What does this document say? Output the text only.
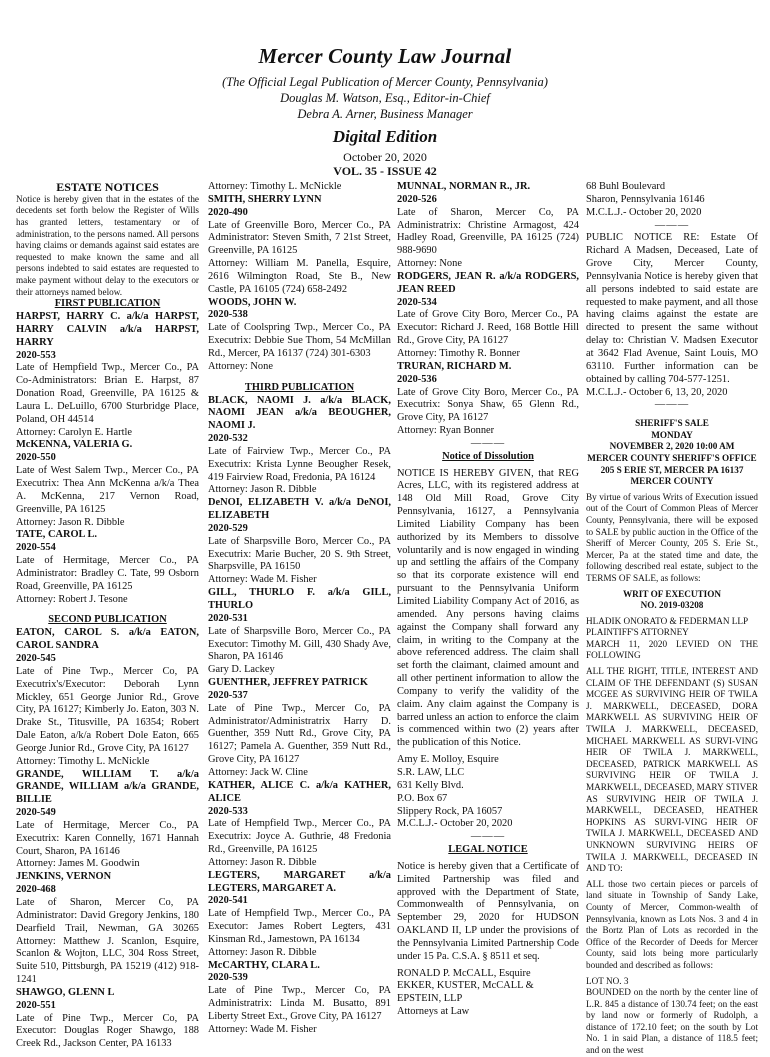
Mercer County Law Journal
(The Official Legal Publication of Mercer County, Pennsylvania)
Douglas M. Watson, Esq., Editor-in-Chief
Debra A. Arner, Business Manager
Digital Edition
October 20, 2020
VOL. 35 - ISSUE 42

ESTATE NOTICES

Notice is hereby given that in the estates of the decedents set forth below the Register of Wills has granted letters, testamentary or of administration, to the persons named. All persons having claims or demands against said estates are requested to make known the same and all persons indebted to said estates are requested to make payment without delay to the executors or their attorneys named below.

FIRST PUBLICATION

HARPST, HARRY C. a/k/a HARPST, HARRY CALVIN a/k/a HARPST, HARRY

2020-553

Late of Hempfield Twp., Mercer Co., PA Co-Administrators: Brian E. Harpst, 87 Donation Road, Greenville, PA 16125 & Laura L. DeLuillo, 6700 Sturbridge Place, Poland, OH 44514

Attorney: Carolyn E. Hartle

McKENNA, VALERIA G.

2020-550

Late of West Salem Twp., Mercer Co., PA Executrix: Thea Ann McKenna a/k/a Thea A. McKenna, 217 Vernon Road, Greenville, PA 16125

Attorney: Jason R. Dibble

TATE, CAROL L.

2020-554

Late of Hermitage, Mercer Co., PA Administrator: Bradley C. Tate, 99 Osborn Road, Greenville, PA 16125

Attorney: Robert J. Tesone

SECOND PUBLICATION

EATON, CAROL S. a/k/a EATON, CAROL SANDRA

2020-545

Late of Pine Twp., Mercer Co, PA Executrix's/Executor: Deborah Lynn Mickley, 651 George Junior Rd., Grove City, PA 16127; Kimberly Jo. Eaton, 303 N. Drake St., Titusville, PA 16354; Robert Dale Eaton, a/k/a Robert Dole Eaton, 665 George Junior Rd., Grove City, PA 16127

Attorney: Timothy L. McNickle

GRANDE, WILLIAM T. a/k/a GRANDE, WILLIAM a/k/a GRANDE, BILLIE

2020-549

Late of Hermitage, Mercer Co., PA Executrix: Karen Connelly, 1671 Hannah Court, Sharon, PA 16146

Attorney: James M. Goodwin

JENKINS, VERNON

2020-468

Late of Sharon, Mercer Co, PA Administrator: David Gregory Jenkins, 180 Dearfield Trail, Newman, GA 30265 Attorney: Matthew J. Scanlon, Esquire, Scanlon & Wojton, LLC, 304 Ross Street, Suite 510, Pittsburgh, PA 15219 (412) 918-1241

SHAWGO, GLENN L

2020-551

Late of Pine Twp., Mercer Co, PA Executor: Douglas Roger Shawgo, 188 Creek Rd., Jackson Center, PA 16133

Attorney: Timothy L. McNickle

SMITH, SHERRY LYNN

2020-490

Late of Greenville Boro, Mercer Co., PA Administrator: Steven Smith, 7 21st Street, Greenville, PA 16125

Attorney: William M. Panella, Esquire, 2616 Wilmington Road, Ste B., New Castle, PA 16105 (724) 658-2492

WOODS, JOHN W.

2020-538

Late of Coolspring Twp., Mercer Co., PA Executrix: Debbie Sue Thom, 54 McMillan Rd., Mercer, PA 16137 (724) 301-6303

Attorney: None

THIRD PUBLICATION

BLACK, NAOMI J. a/k/a BLACK, NAOMI JEAN a/k/a BEOUGHER, NAOMI J.

2020-532

Late of Fairview Twp., Mercer Co., PA Executrix: Krista Lynne Beougher Resek, 419 Fairview Road, Fredonia, PA 16124

Attorney: Jason R. Dibble

DeNOI, ELIZABETH V. a/k/a DeNOI, ELIZABETH

2020-529

Late of Sharpsville Boro, Mercer Co., PA Executrix: Marie Bucher, 20 S. 9th Street, Sharpsville, PA 16150

Attorney: Wade M. Fisher

GILL, THURLO F. a/k/a GILL, THURLO

2020-531

Late of Sharpsville Boro, Mercer Co., PA Executor: Timothy M. Gill, 430 Shady Ave, Sharon, PA 16146

Gary D. Lackey

GUENTHER, JEFFREY PATRICK

2020-537

Late of Pine Twp., Mercer Co, PA Administrator/Administratrix Harry D. Guenther, 359 Nutt Rd., Grove City, PA 16127; Pamela A. Guenther, 359 Nutt Rd., Grove City, PA 16127

Attorney: Jack W. Cline

KATHER, ALICE C. a/k/a KATHER, ALICE

2020-533

Late of Hempfield Twp., Mercer Co., PA Executrix: Joyce A. Guthrie, 48 Fredonia Rd., Greenville, PA 16125

Attorney: Jason R. Dibble

LEGTERS, MARGARET a/k/a LEGTERS, MARGARET A.

2020-541

Late of Hempfield Twp., Mercer Co., PA Executor: James Robert Legters, 431 Kinsman Rd., Jamestown, PA 16134

Attorney: Jason R. Dibble

McCARTHY, CLARA L.

2020-539

Late of Pine Twp., Mercer Co, PA Administratrix: Linda M. Busatto, 891 Liberty Street Ext., Grove City, PA 16127

Attorney: Wade M. Fisher

MUNNAL, NORMAN R., JR.

2020-526

Late of Sharon, Mercer Co, PA Administratrix: Christine Armagost, 424 Hadley Road, Greenville, PA 16125 (724) 988-9690

Attorney: None

RODGERS, JEAN R. a/k/a RODGERS, JEAN REED

2020-534

Late of Grove City Boro, Mercer Co., PA Executor: Richard J. Reed, 168 Bottle Hill Rd., Grove City, PA 16127

Attorney: Timothy R. Bonner

TRURAN, RICHARD M.

2020-536

Late of Grove City Boro, Mercer Co., PA Executrix: Sonya Shaw, 65 Glenn Rd., Grove City, PA 16127

Attorney: Ryan Bonner

———

Notice of Dissolution

NOTICE IS HEREBY GIVEN, that REG Acres, LLC, with its registered address at 148 Old Mill Road, Grove City Pennsylvania, 16127, a Pennsylvania Limited Liability Company has been authorized by its Members to dissolve voluntarily and is now engaged in winding up and settling the affairs of the Company so that its corporate existence will end pursuant to the Pennsylvania Uniform Limited Liability Company Act of 2016, as amended. Any persons having claims against the Company shall forward any claim, in writing to the Company at the above referenced address. The claim shall set forth the claimant, claimed amount and all other pertinent information to allow the Company to verify the validity of the claim. Any claim against the Company is barred unless an action to enforce the claim is commenced within two (2) years after the publication of this Notice.

Amy E. Molloy, Esquire

S.R. LAW, LLC

631 Kelly Blvd.

P.O. Box 67

Slippery Rock, PA 16057

M.C.L.J.- October 20, 2020

———

LEGAL NOTICE

Notice is hereby given that a Certificate of Limited Partnership was filed and approved with the Department of State, Commonwealth of Pennsylvania, on September 29, 2020 for HUDSON OAKLAND II, LP under the provisions of the Pennsylvania Limited Partnership Code under 15 Pa. C.S.A. § 8511 et seq.

RONALD P. McCALL, Esquire

EKKER, KUSTER, McCALL &

EPSTEIN, LLP

Attorneys at Law

68 Buhl Boulevard

Sharon, Pennsylvania 16146

M.C.L.J.- October 20, 2020

———

PUBLIC NOTICE RE: Estate Of Richard A Madsen, Deceased, Late of Grove City, Mercer County, Pennsylvania Notice is hereby given that all persons indebted to said estate are requested to make payment, and all those having claims against the estate are directed to present the same without delay to: Christian V. Madsen Executor at 3642 Flad Avenue, Saint Louis, MO 63110. Further information can be obtained by calling 704-577-1251.

M.C.L.J.- October 6, 13, 20, 2020

———

SHERIFF'S SALE

MONDAY

NOVEMBER 2, 2020 10:00 AM

MERCER COUNTY SHERIFF'S OFFICE

205 S ERIE ST, MERCER PA 16137

MERCER COUNTY

By virtue of various Writs of Execution issued out of the Court of Common Pleas of Mercer County, Pennsylvania, there will be exposed to SALE by public auction in the Office of the Sheriff of Mercer County, 205 S. Erie St., Mercer, Pa at the stated time and date, the following described real estate, subject to the TERMS OF SALE, as follows:

WRIT OF EXECUTION

NO. 2019-03208

HLADIK ONORATO & FEDERMAN LLP

PLAINTIFF'S ATTORNEY

MARCH 11, 2020 LEVIED ON THE FOLLOWING

ALL THE RIGHT, TITLE, INTEREST AND CLAIM OF THE DEFENDANT (S) SUSAN MCGEE AS SURVIVING HEIR OF TWILA J. MARKWELL, DECEASED, DORA MARKWELL AS SURVIVING HEIR OF TWILA J. MARKWELL, DECEASED, MICHAEL MARKWELL AS SURVI-VING HEIR OF TWILA J. MARKWELL, DECEASED, PATRICK MARKWELL AS SURVIVING HEIR OF TWILA J. MARKWELL, DECEASED, MARY STIVER AS SURVIVING HEIR OF TWILA J. MARKWELL, DECEASED, HEATHER HOPKINS AS SURVI-VING HEIR OF TWILA J. MARKWELL, DECEASED AND UNKNOWN SURVIVING HEIRS OF TWILA J. MARKWELL, DECEASED IN AND TO:

ALL those two certain pieces or parcels of land situate in Township of Sandy Lake, County of Mercer, Common-wealth of Pennsylvania, known as Lots Nos. 3 and 4 in the Bortz Plan of Lots as recorded in the Office of the Recorder of Deeds for Mercer County, said lots being more particularly bounded and described as follows:

LOT NO. 3

BOUNDED on the north by the center line of L.R. 845 a distance of 130.74 feet; on the east by land now or formerly of Rudolph, a distance of 172.10 feet; on the south by Lot No. 1 in said Plan, a distance of 118.5 feet; and on the west
